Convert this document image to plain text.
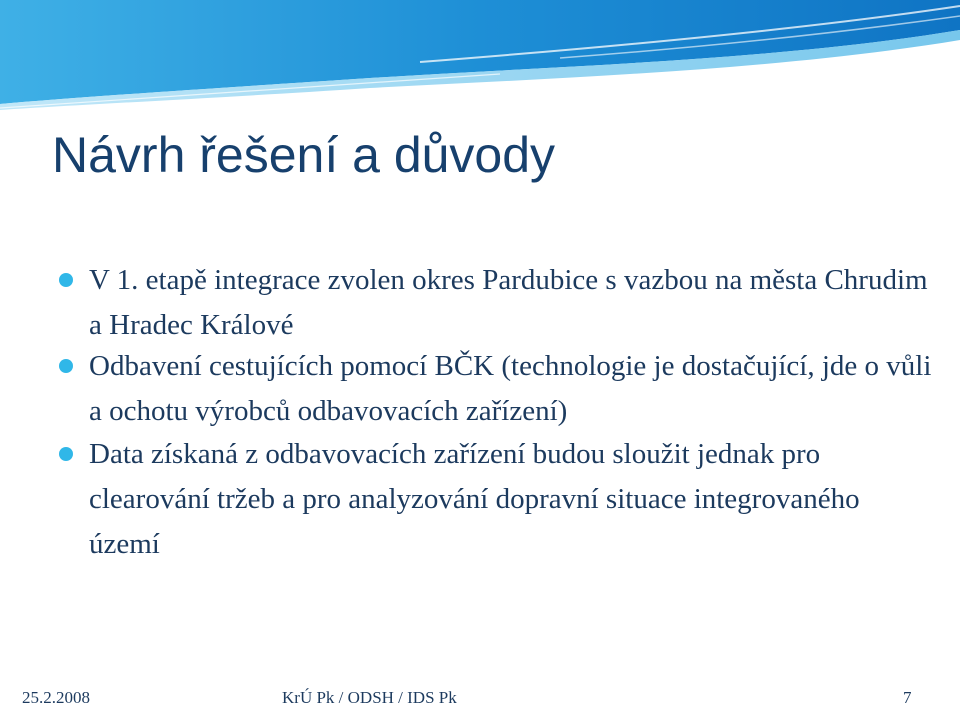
Návrh řešení a důvody
V 1. etapě integrace zvolen okres Pardubice s vazbou na města Chrudim a Hradec Králové
Odbavení cestujících pomocí BČK (technologie je dostačující, jde o vůli a ochotu výrobců odbavovacích zařízení)
Data získaná z odbavovacích zařízení budou sloužit jednak pro clearování tržeb a pro analyzování dopravní situace integrovaného území
25.2.2008	KrÚ Pk / ODSH / IDS Pk	7
